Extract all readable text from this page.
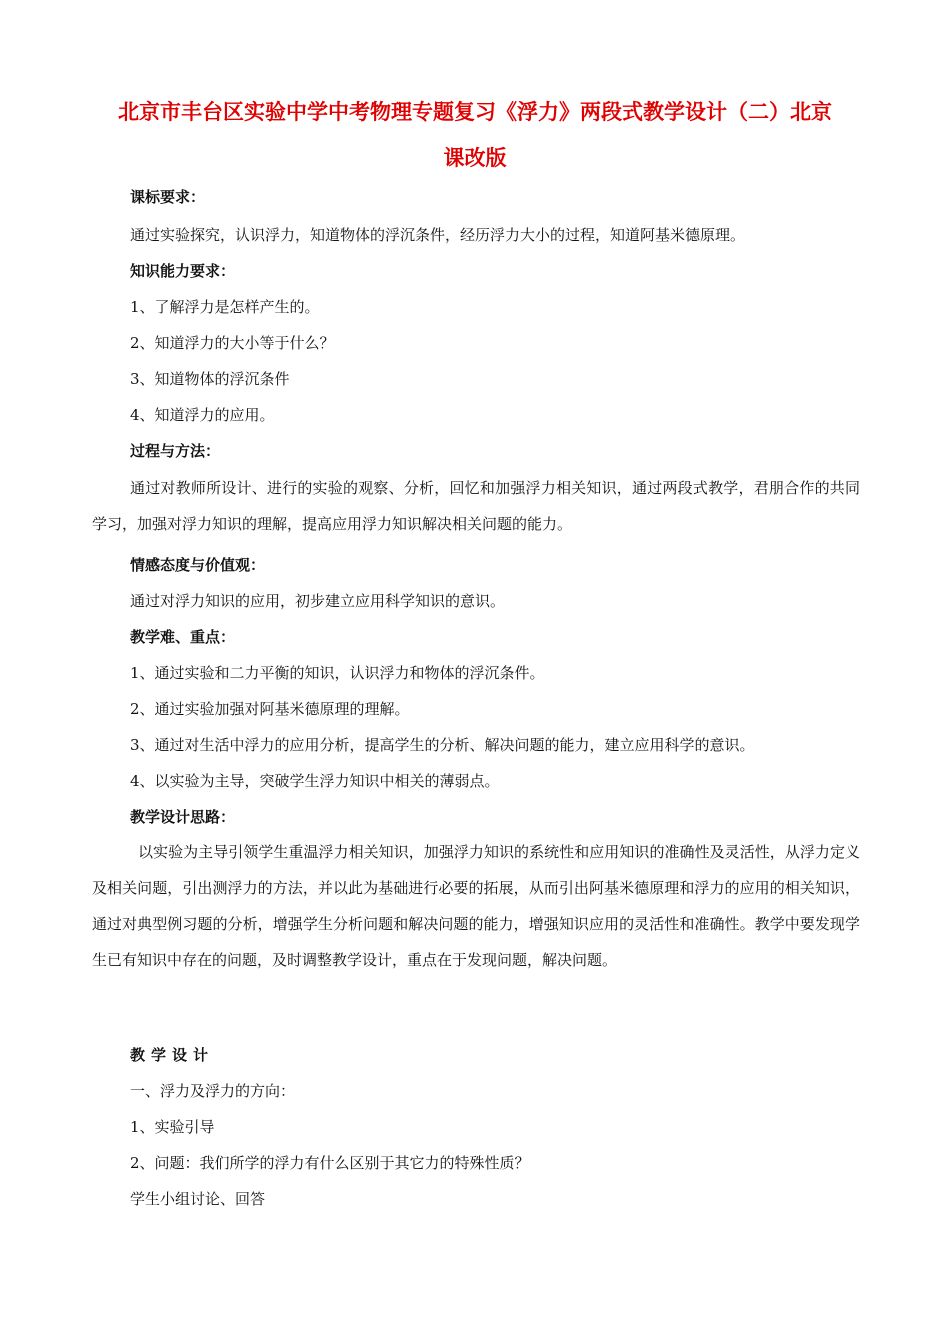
北京市丰台区实验中学中考物理专题复习《浮力》两段式教学设计（二）北京
课改版
课标要求：
通过实验探究，认识浮力，知道物体的浮沉条件，经历浮力大小的过程，知道阿基米德原理。
知识能力要求：
1、了解浮力是怎样产生的。
2、知道浮力的大小等于什么？
3、知道物体的浮沉条件
4、知道浮力的应用。
过程与方法：
通过对教师所设计、进行的实验的观察、分析，回忆和加强浮力相关知识，通过两段式教学，君朋合作的共同学习，加强对浮力知识的理解，提高应用浮力知识解决相关问题的能力。
情感态度与价值观：
通过对浮力知识的应用，初步建立应用科学知识的意识。
教学难、重点：
1、通过实验和二力平衡的知识，认识浮力和物体的浮沉条件。
2、通过实验加强对阿基米德原理的理解。
3、通过对生活中浮力的应用分析，提高学生的分析、解决问题的能力，建立应用科学的意识。
4、以实验为主导，突破学生浮力知识中相关的薄弱点。
教学设计思路：
以实验为主导引领学生重温浮力相关知识，加强浮力知识的系统性和应用知识的准确性及灵活性，从浮力定义及相关问题，引出测浮力的方法，并以此为基础进行必要的拓展，从而引出阿基米德原理和浮力的应用的相关知识，通过对典型例习题的分析，增强学生分析问题和解决问题的能力，增强知识应用的灵活性和准确性。教学中要发现学生已有知识中存在的问题，及时调整教学设计，重点在于发现问题，解决问题。
教学设计
一、浮力及浮力的方向：
1、实验引导
2、问题：我们所学的浮力有什么区别于其它力的特殊性质？
学生小组讨论、回答
